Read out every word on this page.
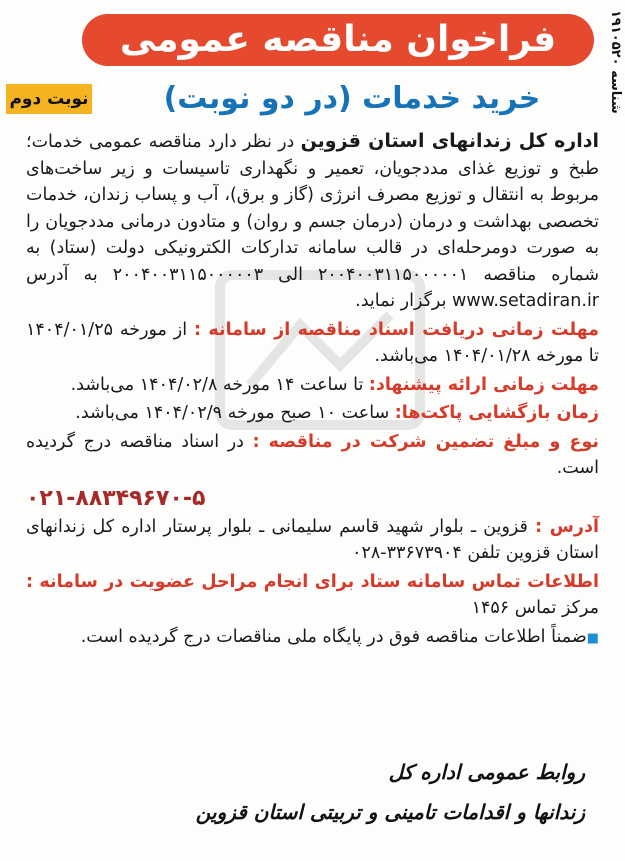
شناسه ۱۹۱۰۵۲۰
فراخوان مناقصه عمومی
نوبت دوم	خرید خدمات (در دو نوبت)

اداره کل زندانهای استان قزوین در نظر دارد مناقصه عمومی خدمات؛ طبخ و توزیع غذای مددجویان، تعمیر و نگهداری تاسیسات و زیر ساخت‌های مربوط به انتقال و توزیع مصرف انرژی (گاز و برق)، آب و پساب زندان، خدمات تخصصی بهداشت و درمان (درمان جسم و روان) و متادون درمانی مددجویان را به صورت دومرحله‌ای در قالب سامانه تدارکات الکترونیکی دولت (ستاد) به شماره مناقصه ۲۰۰۴۰۰۳۱۱۵۰۰۰۰۰۱ الی ۲۰۰۴۰۰۳۱۱۵۰۰۰۰۰۳ به آدرس www.setadiran.ir برگزار نماید.

مهلت زمانی دریافت اسناد مناقصه از سامانه : از مورخه ۱۴۰۴/۰۱/۲۵ تا مورخه ۱۴۰۴/۰۱/۲۸ می‌باشد.

مهلت زمانی ارائه پیشنهاد: تا ساعت ۱۴ مورخه ۱۴۰۴/۰۲/۸ می‌باشد.

زمان بازگشایی پاکت‌ها: ساعت ۱۰ صبح مورخه ۱۴۰۴/۰۲/۹ می‌باشد.

نوع و مبلغ تضمین شرکت در مناقصه : در اسناد مناقصه درج گردیده است.

۰۲۱-۸۸۳۴۹۶۷۰-۵

آدرس : قزوین ـ بلوار شهید قاسم سلیمانی ـ بلوار پرستار اداره کل زندانهای استان قزوین تلفن ۳۳۶۷۳۹۰۴-۰۲۸

اطلاعات تماس سامانه ستاد برای انجام مراحل عضویت در سامانه : مرکز تماس ۱۴۵۶

■ضمناً اطلاعات مناقصه فوق در پایگاه ملی مناقصات درج گردیده است.

روابط عمومی اداره کل
زندانها و اقدامات تامینی و تربیتی استان قزوین
